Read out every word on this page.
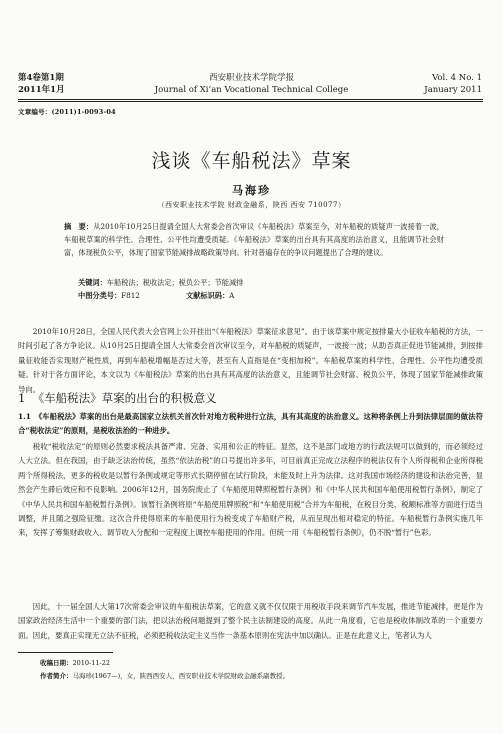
第4卷第1期
2011年1月
西安职业技术学院学报
Journal of Xi’an Vocational Technical College
Vol. 4 No. 1
January 2011
文章编号：(2011)1-0093-04
浅谈《车船税法》草案
马海珍
（西安职业技术学院 财政金融系，陕西 西安 710077）
摘　要：从2010年10月25日提请全国人大常委会首次审议《车船税法》草案至今，对车船税的质疑声一波接着一波，车船税草案的科学性、合理性、公平性均遭受质疑。《车船税法》草案的出台具有其高度的法治意义，且能调节社会财富，体现税负公平，体现了国家节能减排战略政策导向。针对普遍存在的争议问题提出了合理的建议。
关键词：车船税法；税收法定；税负公平；节能减排
中图分类号：F812	文献标识码：A
2010年10月28日，全国人民代表大会官网上公开挂出“《车船税法》草案征求意见”。由于该草案中规定按排量大小征收车船税的方法，一时间引起了各方争论议。从10月25日提请全国人大常委会首次审议至今，对车船税的质疑声，一波接一波；从助否真正促进节能减排，到按排量征收能否实现财产税性质，再到车船税增幅是否过大等，甚至有人直指是在“变相加税”。车船税草案的科学性、合理性、公平性均遭受质疑。针对于各方面评论，本文以为《车船税法》草案的出台具有其高度的法治意义，且能调节社会财富、税负公平，体现了国家节能减排政策导向。
1 《车船税法》草案的出台的积极意义
1.1　《车船税法》草案的出台是最高国家立法机关首次针对地方税种进行立法，具有其高度的法治意义。这种将条例上升到法律层面的做法符合“税收法定”的原则，是税收法治的一种进步。
税收“税收法定”的原则必然要求税法具备严肃、完备、实用和公正的特征。显然，这不是部门或地方的行政法规可以做到的，而必须经过人大立法。但在我国，由于缺乏法治传统，虽然“依法治税”的口号提出许多年，可目前真正完成立法程序的税法仅有个人所得税和企业所得税两个所得税法，更多的税收是以暂行条例或规定等形式长期停留在试行阶段，未能及时上升为法律。这对我国市场经济的建设和法治完善，显然会产生滞后效应和不良影响。2006年12月，国务院废止了《车船使用牌照税暂行条例》和《中华人民共和国车船使用税暂行条例》，制定了《中华人民共和国车船税暂行条例》。该暂行条例将原“车船使用牌照税”和“车船使用税”合并为车船税，在税目分类、税额标准等方面进行适当调整，并且随之强险征缴。这次合并使得原来的车船使用行为税变成了车船财产税，从而呈现出相对稳定的特征。车船税暂行条例实施几年来，发挥了筹集财政收入、调节收入分配和一定程度上调控车船使用的作用。但统一用《车船税暂行条例》，仍不脱“暂行”色彩。
因此，十一届全国人大第17次常委会审议的车船税法草案，它的意义就不仅仅限于用税收手段来调节汽车发展，推进节能减排，更是作为国家政治经济生活中一个重要的部门法，把以法治税问题提到了整个民主法制建设的高度。从此一角度看，它也是税收体制改革的一个重要方面。因此，要真正实现无立法不征税，必须把税收法定主义当作一条基本原则在宪法中加以确认。正是在此意义上，笔者认为人
收稿日期：2010-11-22
作者简介：马海珍(1967—)，女，陕西西安人，西安职业技术学院财政金融系副教授。
